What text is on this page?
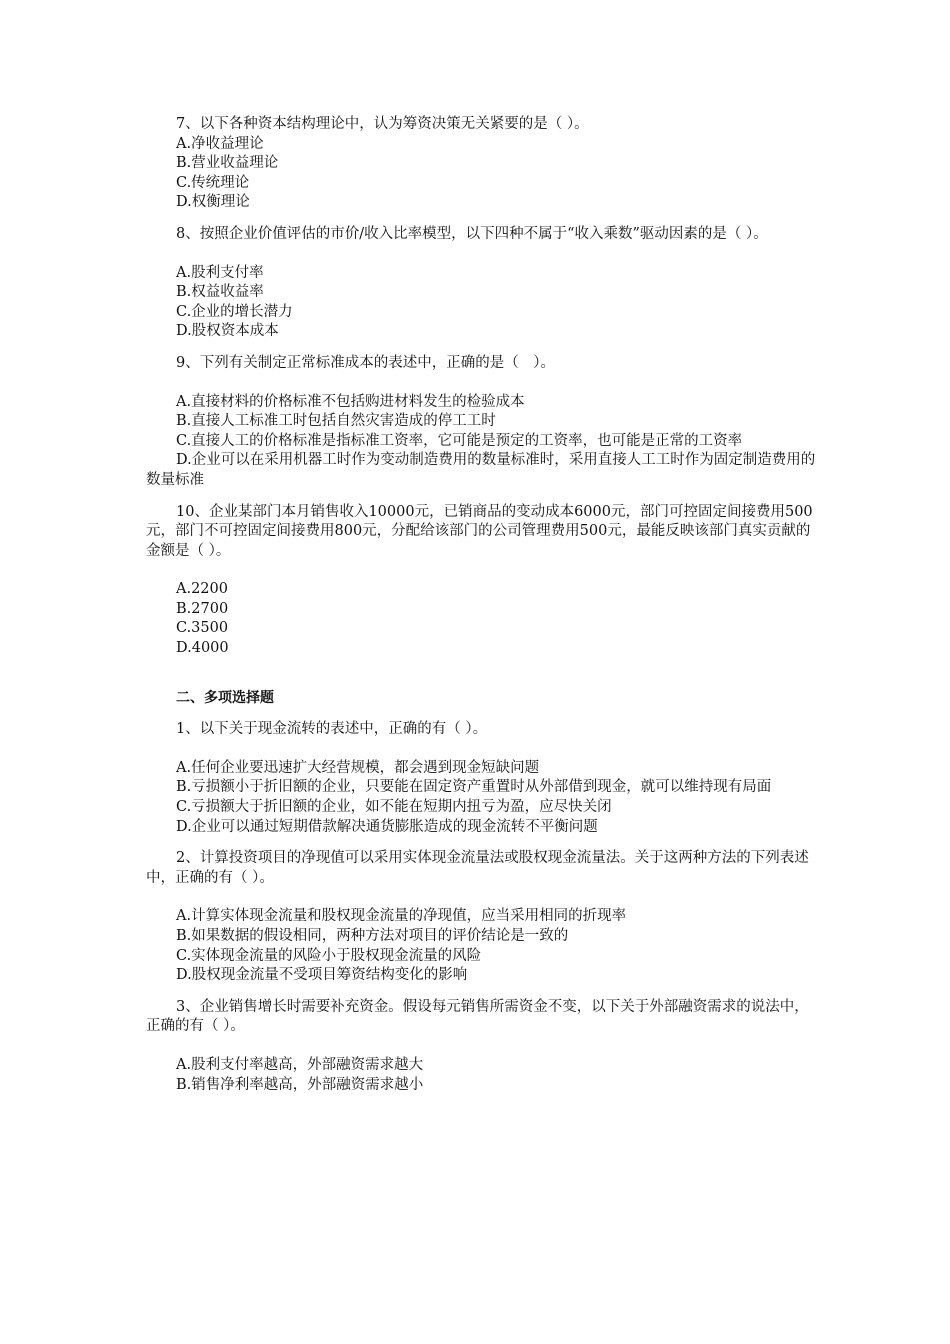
7、以下各种资本结构理论中，认为筹资决策无关紧要的是（ ）。

A.净收益理论

B.营业收益理论

C.传统理论

D.权衡理论

8、按照企业价值评估的市价/收入比率模型，以下四种不属于“收入乘数”驱动因素的是（ ）。

A.股利支付率

B.权益收益率

C.企业的增长潜力

D.股权资本成本

9、下列有关制定正常标准成本的表述中，正确的是（　）。

A.直接材料的价格标准不包括购进材料发生的检验成本

B.直接人工标准工时包括自然灾害造成的停工工时

C.直接人工的价格标准是指标准工资率，它可能是预定的工资率，也可能是正常的工资率

D.企业可以在采用机器工时作为变动制造费用的数量标准时，采用直接人工工时作为固定制造费用的数量标准

10、企业某部门本月销售收入10000元，已销商品的变动成本6000元，部门可控固定间接费用500元，部门不可控固定间接费用800元，分配给该部门的公司管理费用500元，最能反映该部门真实贡献的金额是（ ）。

A.2200

B.2700

C.3500

D.4000

二、多项选择题

1、以下关于现金流转的表述中，正确的有（ ）。

A.任何企业要迅速扩大经营规模，都会遇到现金短缺问题

B.亏损额小于折旧额的企业，只要能在固定资产重置时从外部借到现金，就可以维持现有局面

C.亏损额大于折旧额的企业，如不能在短期内扭亏为盈，应尽快关闭

D.企业可以通过短期借款解决通货膨胀造成的现金流转不平衡问题

2、计算投资项目的净现值可以采用实体现金流量法或股权现金流量法。关于这两种方法的下列表述中，正确的有（ ）。

A.计算实体现金流量和股权现金流量的净现值，应当采用相同的折现率

B.如果数据的假设相同，两种方法对项目的评价结论是一致的

C.实体现金流量的风险小于股权现金流量的风险

D.股权现金流量不受项目筹资结构变化的影响

3、企业销售增长时需要补充资金。假设每元销售所需资金不变，以下关于外部融资需求的说法中，正确的有（ ）。

A.股利支付率越高，外部融资需求越大

B.销售净利率越高，外部融资需求越小
